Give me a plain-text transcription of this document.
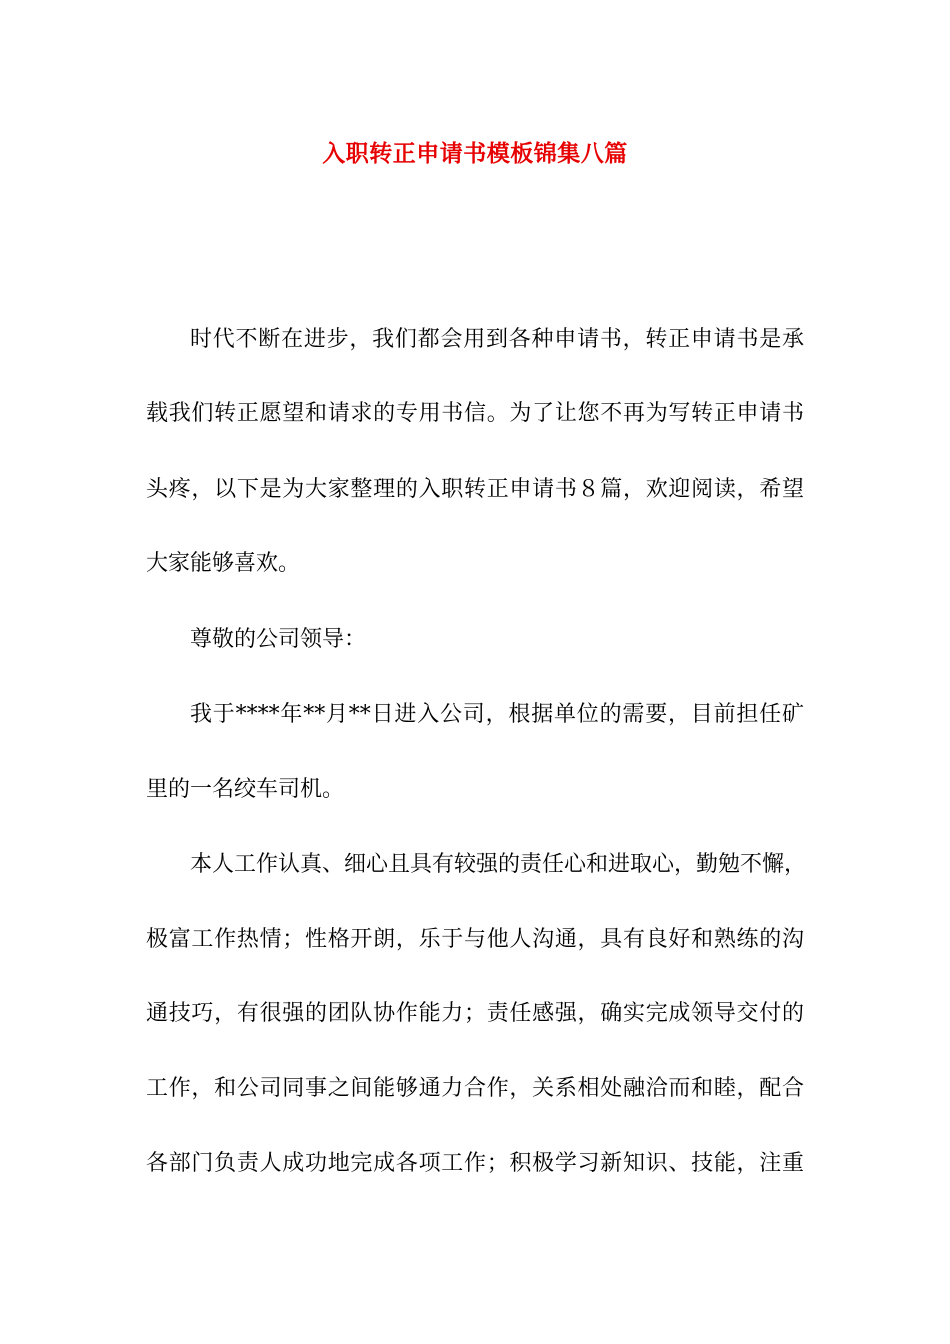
入职转正申请书模板锦集八篇
时代不断在进步，我们都会用到各种申请书，转正申请书是承
载我们转正愿望和请求的专用书信。为了让您不再为写转正申请书
头疼，以下是为大家整理的入职转正申请书８篇，欢迎阅读，希望
大家能够喜欢。
尊敬的公司领导：
我于****年**月**日进入公司，根据单位的需要，目前担任矿
里的一名绞车司机。
本人工作认真、细心且具有较强的责任心和进取心，勤勉不懈，
极富工作热情；性格开朗，乐于与他人沟通，具有良好和熟练的沟
通技巧，有很强的团队协作能力；责任感强，确实完成领导交付的
工作，和公司同事之间能够通力合作，关系相处融洽而和睦，配合
各部门负责人成功地完成各项工作；积极学习新知识、技能，注重
